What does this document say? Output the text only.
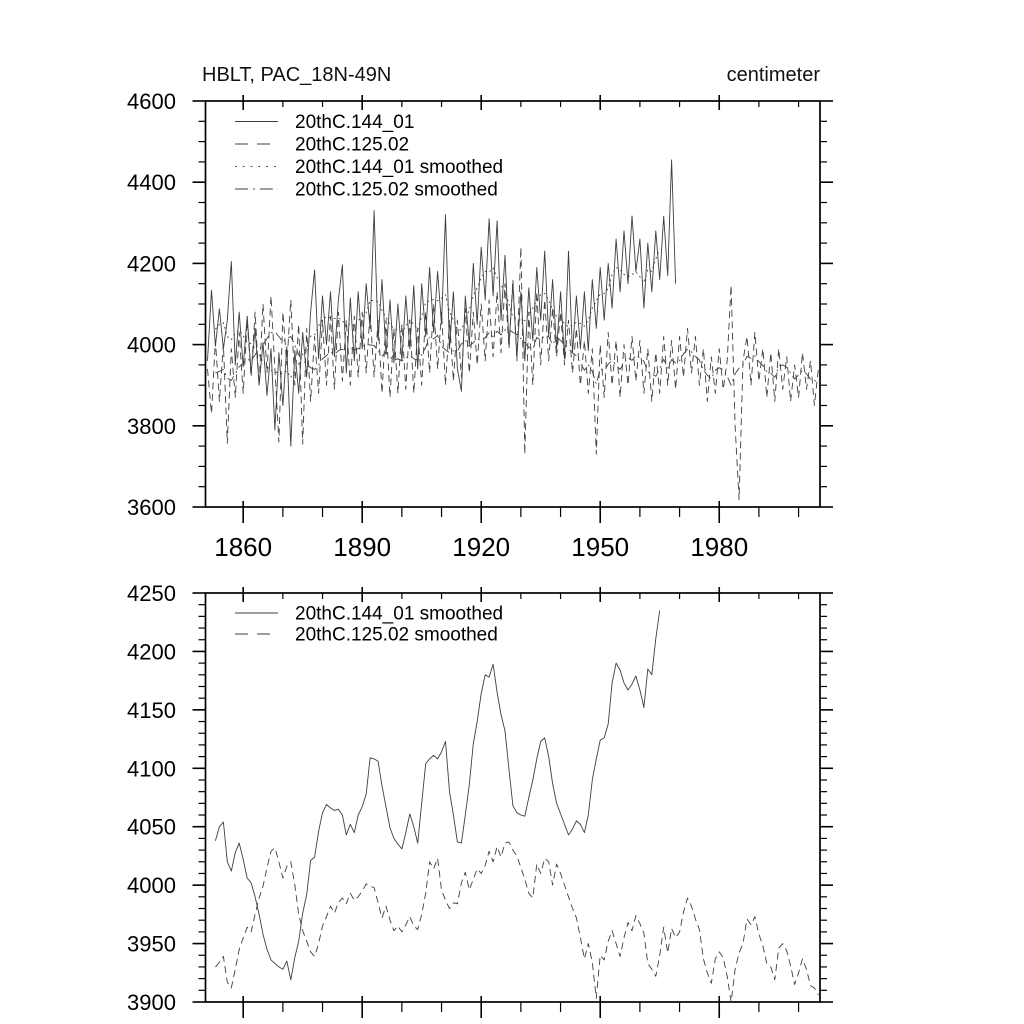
HBLT, PAC_18N-49N	centimeter
3600
3800
4000
4200
4400
4600
1860 1890 1920 1950 1980
20thC.144_01
20thC.125.02
20thC.144_01 smoothed
20thC.125.02 smoothed
3900
3950
4000
4050
4100
4150
4200
4250
20thC.144_01 smoothed
20thC.125.02 smoothed
